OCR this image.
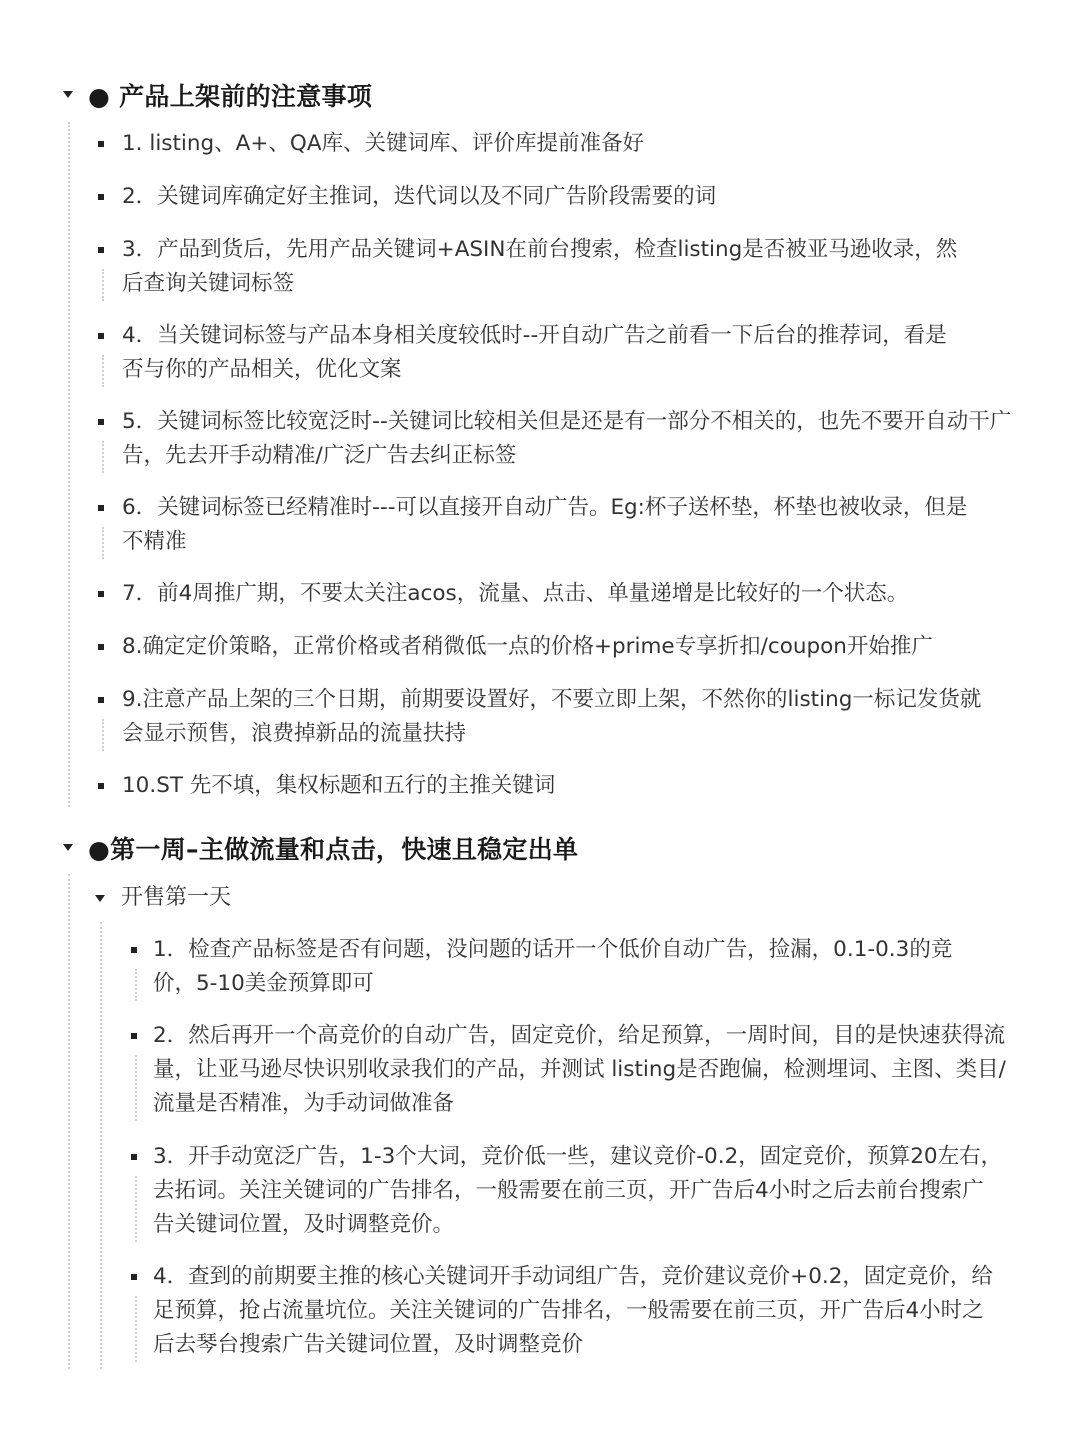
● 产品上架前的注意事项
1. listing、A+、QA库、关键词库、评价库提前准备好
2．关键词库确定好主推词，迭代词以及不同广告阶段需要的词
3．产品到货后，先用产品关键词+ASIN在前台搜索，检查listing是否被亚马逊收录，然后查询关键词标签
4．当关键词标签与产品本身相关度较低时--开自动广告之前看一下后台的推荐词，看是否与你的产品相关，优化文案
5．关键词标签比较宽泛时--关键词比较相关但是还是有一部分不相关的，也先不要开自动干广告，先去开手动精准/广泛广告去纠正标签
6．关键词标签已经精准时---可以直接开自动广告。Eg:杯子送杯垫，杯垫也被收录，但是不精准
7．前4周推广期，不要太关注acos，流量、点击、单量递增是比较好的一个状态。
8.确定定价策略，正常价格或者稍微低一点的价格+prime专享折扣/coupon开始推广
9.注意产品上架的三个日期，前期要设置好，不要立即上架，不然你的listing一标记发货就会显示预售，浪费掉新品的流量扶持
10.ST 先不填，集权标题和五行的主推关键词
●第一周–主做流量和点击，快速且稳定出单
开售第一天
1．检查产品标签是否有问题，没问题的话开一个低价自动广告，捡漏，0.1-0.3的竞价，5-10美金预算即可
2．然后再开一个高竞价的自动广告，固定竞价，给足预算，一周时间，目的是快速获得流量，让亚马逊尽快识别收录我们的产品，并测试 listing是否跑偏，检测埋词、主图、类目/流量是否精准，为手动词做准备
3．开手动宽泛广告，1-3个大词，竞价低一些，建议竞价-0.2，固定竞价，预算20左右，去拓词。关注关键词的广告排名，一般需要在前三页，开广告后4小时之后去前台搜索广告关键词位置，及时调整竞价。
4．查到的前期要主推的核心关键词开手动词组广告，竞价建议竞价+0.2，固定竞价，给足预算，抢占流量坑位。关注关键词的广告排名，一般需要在前三页，开广告后4小时之后去琴台搜索广告关键词位置，及时调整竞价
